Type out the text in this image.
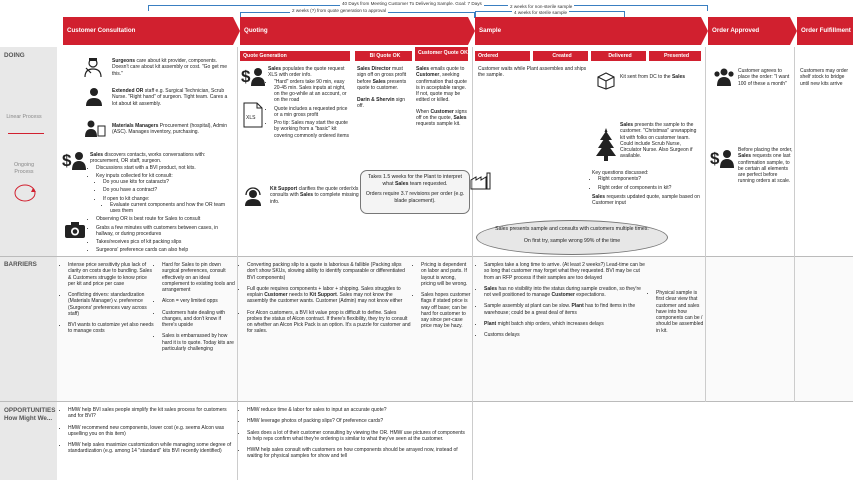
40 Days from Meeting Customer To Delivering Sample. Goal: 7 Days
2 weeks (?) from quote generation to approval
2 weeks for non-sterile sample
4 weeks for sterile sample
Customer Consultation	Quoting	Sample	Order Approved	Order Fulfillment
Quote Generation	BI Quote OK	Customer Quote OK Ordered	Created	Delivered	Presented
DOING
Linear Process
Ongoing Process
BARRIERS
OPPORTUNITIES
How Might We...
Surgeons care about kit provider, components. Doesn't care about kit assembly or cost. "Go get me this."
Extended OR staff e.g. Surgical Technician, Scrub Nurse. "Right hand" of surgeon. Tight team. Cares a lot about kit assembly.
Materials Managers Procurement (hospital), Admin (ASC). Manages inventory, purchasing.
$	Sales discovers contacts, works conversations with: procurement, OR staff, surgeon.
• Discussions start with a BVI product, not kits.
• Key inputs collected for kit consult:
• Do you use kits for cataracts?
• Do you have a contract?
• If open to kit change:
• Evaluate current components and how the OR team uses them
• Observing OR is best route for Sales to consult
• Grabs a few minutes with customers between cases, in hallway, or during procedures
• Takes/receives pics of kit packing slips
• Surgeons' preference cards can also help
$
XLS
Sales populates the quote request XLS with order info.
• "Hard" orders take 90 min, easy 20-45 min. Sales inputs at night, on the go-while at an account, or on the road
• Quote includes a requested price or a min gross profit
• Pro tip: Sales may start the quote by working from a "basic" kit covering commonly ordered items
Sales Director must sign off on gross profit before Sales presents quote to customer.
Darin & Shervin sign off.
Sales emails quote to Customer, seeking confirmation that quote is in acceptable range. If not, quote may be edited or killed.
When Customer signs off on the quote, Sales requests sample kit.
Kit Support clarifies the quote order/xls consults with Sales to complete missing info.
Takes 1.5 weeks for the Plant to interpret what Sales team requested.
Orders require 3.7 revisions per order (e.g. blade placement).
Customer waits while Plant assembles and ships the sample.	Kit sent from DC to the Sales
Sales presents the sample to the customer. "Christmas" unwrapping kit with folks on customer team. Could include Scrub Nurse, Circulator Nurse. Also Surgeon if available.
Key questions discussed:
• Right components?
• Right order of components in kit?
Sales requests updated quote, sample based on Customer input
Sales presents sample and consults with customers multiple times.
On first try, sample wrong 99% of the time
Customer agrees to place the order: "I want 100 of these a month"
$	Before placing the order, Sales requests one last confirmation sample, to be certain all elements are perfect before running orders at scale.
Customers may order shelf stock to bridge until new kits arrive
• Intense price sensitivity plus lack of clarity on costs due to bundling. Sales & Customers struggle to know price per kit and price per case
• Conflicting drivers: standardization (Materials Manager) v. preference (Surgeons' preferences vary across staff)
• BVI wants to customize yet also needs to manage costs
• Hard for Sales to pin down surgical preferences, consult effectively on an ideal complement to existing tools and arrangement
• Alcon = very limited opps
• Customers hate dealing with changes, and don't know if there's upside
• Sales is embarrassed by how hard it is to quote. Today kits are particularly challenging
• Converting packing slip to a quote is laborious & fallible (Packing slips don't show SKUs, slowing ability to identify comparable or differentiated BVI components)
• Full quote requires components + labor + shipping. Sales struggles to explain Customer needs to Kit Support. Sales may not know the assembly the customer wants. Customer (Admin) may not know either
• For Alcon customers, a BVI kit value prop is difficult to define. Sales probes the status of Alcon contract. If there's flexibility, they try to consult on whether an Alcon Pick Pack is an option. It's a puzzle for customer and for sales.
• Pricing is dependent on labor and parts. If layout is wrong, pricing will be wrong.
• Sales hopes customer flags if stated price is way off base; can be hard for customer to say since per-case price may be hazy.
• Samples take a long time to arrive. (At least 2 weeks?) Lead-time can be so long that customer may forget what they requested. BVI may be cut from an RFP process if their samples are too delayed
• Sales has no visibility into the status during sample creation, so they're not well positioned to manage Customer expectations.
• Sample assembly at plant can be slow. Plant has to find items in the warehouse; could be a great deal of items
• Plant might batch ship orders, which increases delays
• Customs delays
• Physical sample is first clear view that customer and sales have into how components can be / should be assembled in kit.
• HMW help BVI sales people simplify the kit sales process for customers and for BVI?
• HMW recommend new components, lower cost (e.g. seems Alcon was upselling you on this item)
• HMW help sales maximize customization while managing some degree of standardization (e.g. among 14 "standard" kits BVI recently identified)
• HMW reduce time & labor for sales to input an accurate quote?
• HMW leverage photos of packing slips? Of preference cards?
• Sales does a lot of their customer consulting by viewing the OR. HMW use pictures of components to help reps confirm what they're ordering is similar to what they've seen at the customer.
• HWM help sales consult with customers on how components should be arrayed now, instead of waiting for physical samples for show and tell
